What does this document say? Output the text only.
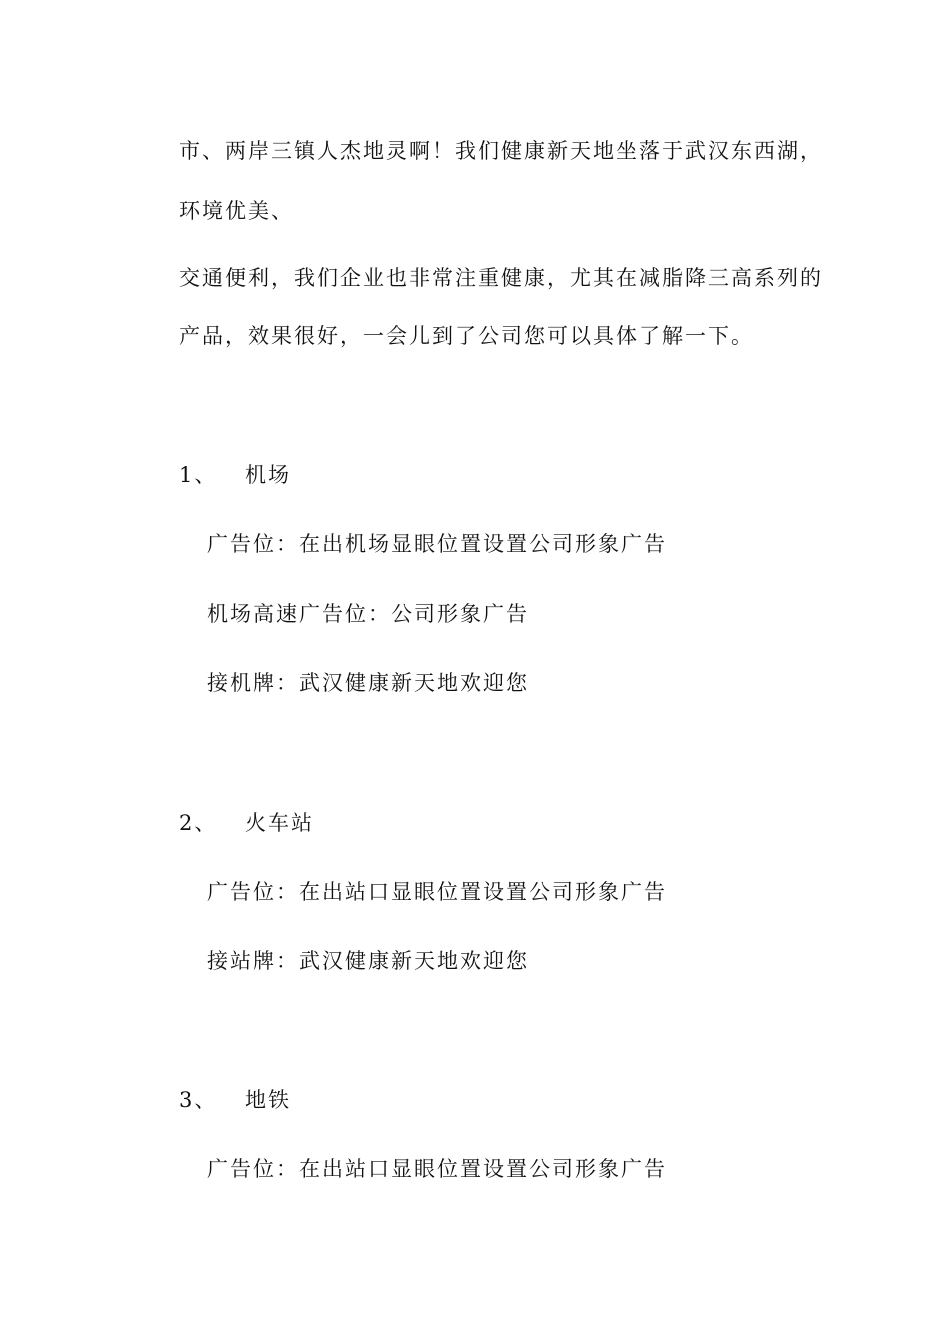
市、两岸三镇人杰地灵啊！我们健康新天地坐落于武汉东西湖，
环境优美、
交通便利，我们企业也非常注重健康，尤其在减脂降三高系列的
产品，效果很好，一会儿到了公司您可以具体了解一下。
1、 机场
广告位：在出机场显眼位置设置公司形象广告
机场高速广告位：公司形象广告
接机牌：武汉健康新天地欢迎您
2、 火车站
广告位：在出站口显眼位置设置公司形象广告
接站牌：武汉健康新天地欢迎您
3、 地铁
广告位：在出站口显眼位置设置公司形象广告
